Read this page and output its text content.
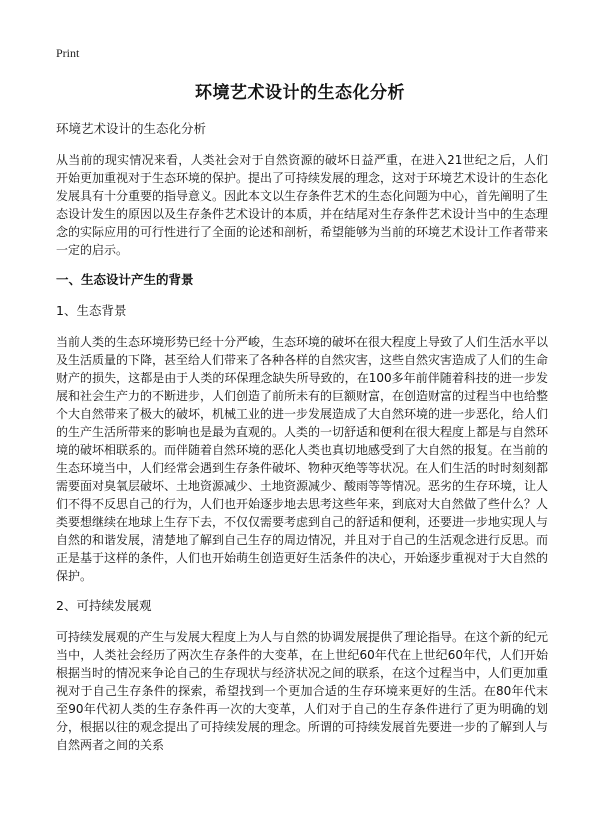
Print
环境艺术设计的生态化分析
环境艺术设计的生态化分析

从当前的现实情况来看，人类社会对于自然资源的破坏日益严重，在进入21世纪之后，人们开始更加重视对于生态环境的保护。提出了可持续发展的理念，这对于环境艺术设计的生态化发展具有十分重要的指导意义。因此本文以生存条件艺术的生态化问题为中心，首先阐明了生态设计发生的原因以及生存条件艺术设计的本质，并在结尾对生存条件艺术设计当中的生态理念的实际应用的可行性进行了全面的论述和剖析，希望能够为当前的环境艺术设计工作者带来一定的启示。

一、生态设计产生的背景
1、生态背景

当前人类的生态环境形势已经十分严峻，生态环境的破坏在很大程度上导致了人们生活水平以及生活质量的下降，甚至给人们带来了各种各样的自然灾害，这些自然灾害造成了人们的生命财产的损失，这都是由于人类的环保理念缺失所导致的，在100多年前伴随着科技的进一步发展和社会生产力的不断进步，人们创造了前所未有的巨额财富，在创造财富的过程当中也给整个大自然带来了极大的破坏，机械工业的进一步发展造成了大自然环境的进一步恶化，给人们的生产生活所带来的影响也是最为直观的。人类的一切舒适和便利在很大程度上都是与自然环境的破坏相联系的。而伴随着自然环境的恶化人类也真切地感受到了大自然的报复。在当前的生态环境当中，人们经常会遇到生存条件破坏、物种灭绝等等状况。在人们生活的时时刻刻都需要面对臭氧层破坏、土地资源减少、土地资源减少、酸雨等等情况。恶劣的生存环境，让人们不得不反思自己的行为，人们也开始逐步地去思考这些年来，到底对大自然做了些什么？人类要想继续在地球上生存下去，不仅仅需要考虑到自己的舒适和便利，还要进一步地实现人与自然的和谐发展，清楚地了解到自己生存的周边情况，并且对于自己的生活观念进行反思。而正是基于这样的条件，人们也开始萌生创造更好生活条件的决心，开始逐步重视对于大自然的保护。

2、可持续发展观

可持续发展观的产生与发展大程度上为人与自然的协调发展提供了理论指导。在这个新的纪元当中，人类社会经历了两次生存条件的大变革，在上世纪60年代在上世纪60年代，人们开始根据当时的情况来争论自己的生存现状与经济状况之间的联系，在这个过程当中，人们更加重视对于自己生存条件的探索，希望找到一个更加合适的生存环境来更好的生活。在80年代末至90年代初人类的生存条件再一次的大变革，人们对于自己的生存条件进行了更为明确的划分，根据以往的观念提出了可持续发展的理念。所谓的可持续发展首先要进一步的了解到人与自然两者之间的关系
